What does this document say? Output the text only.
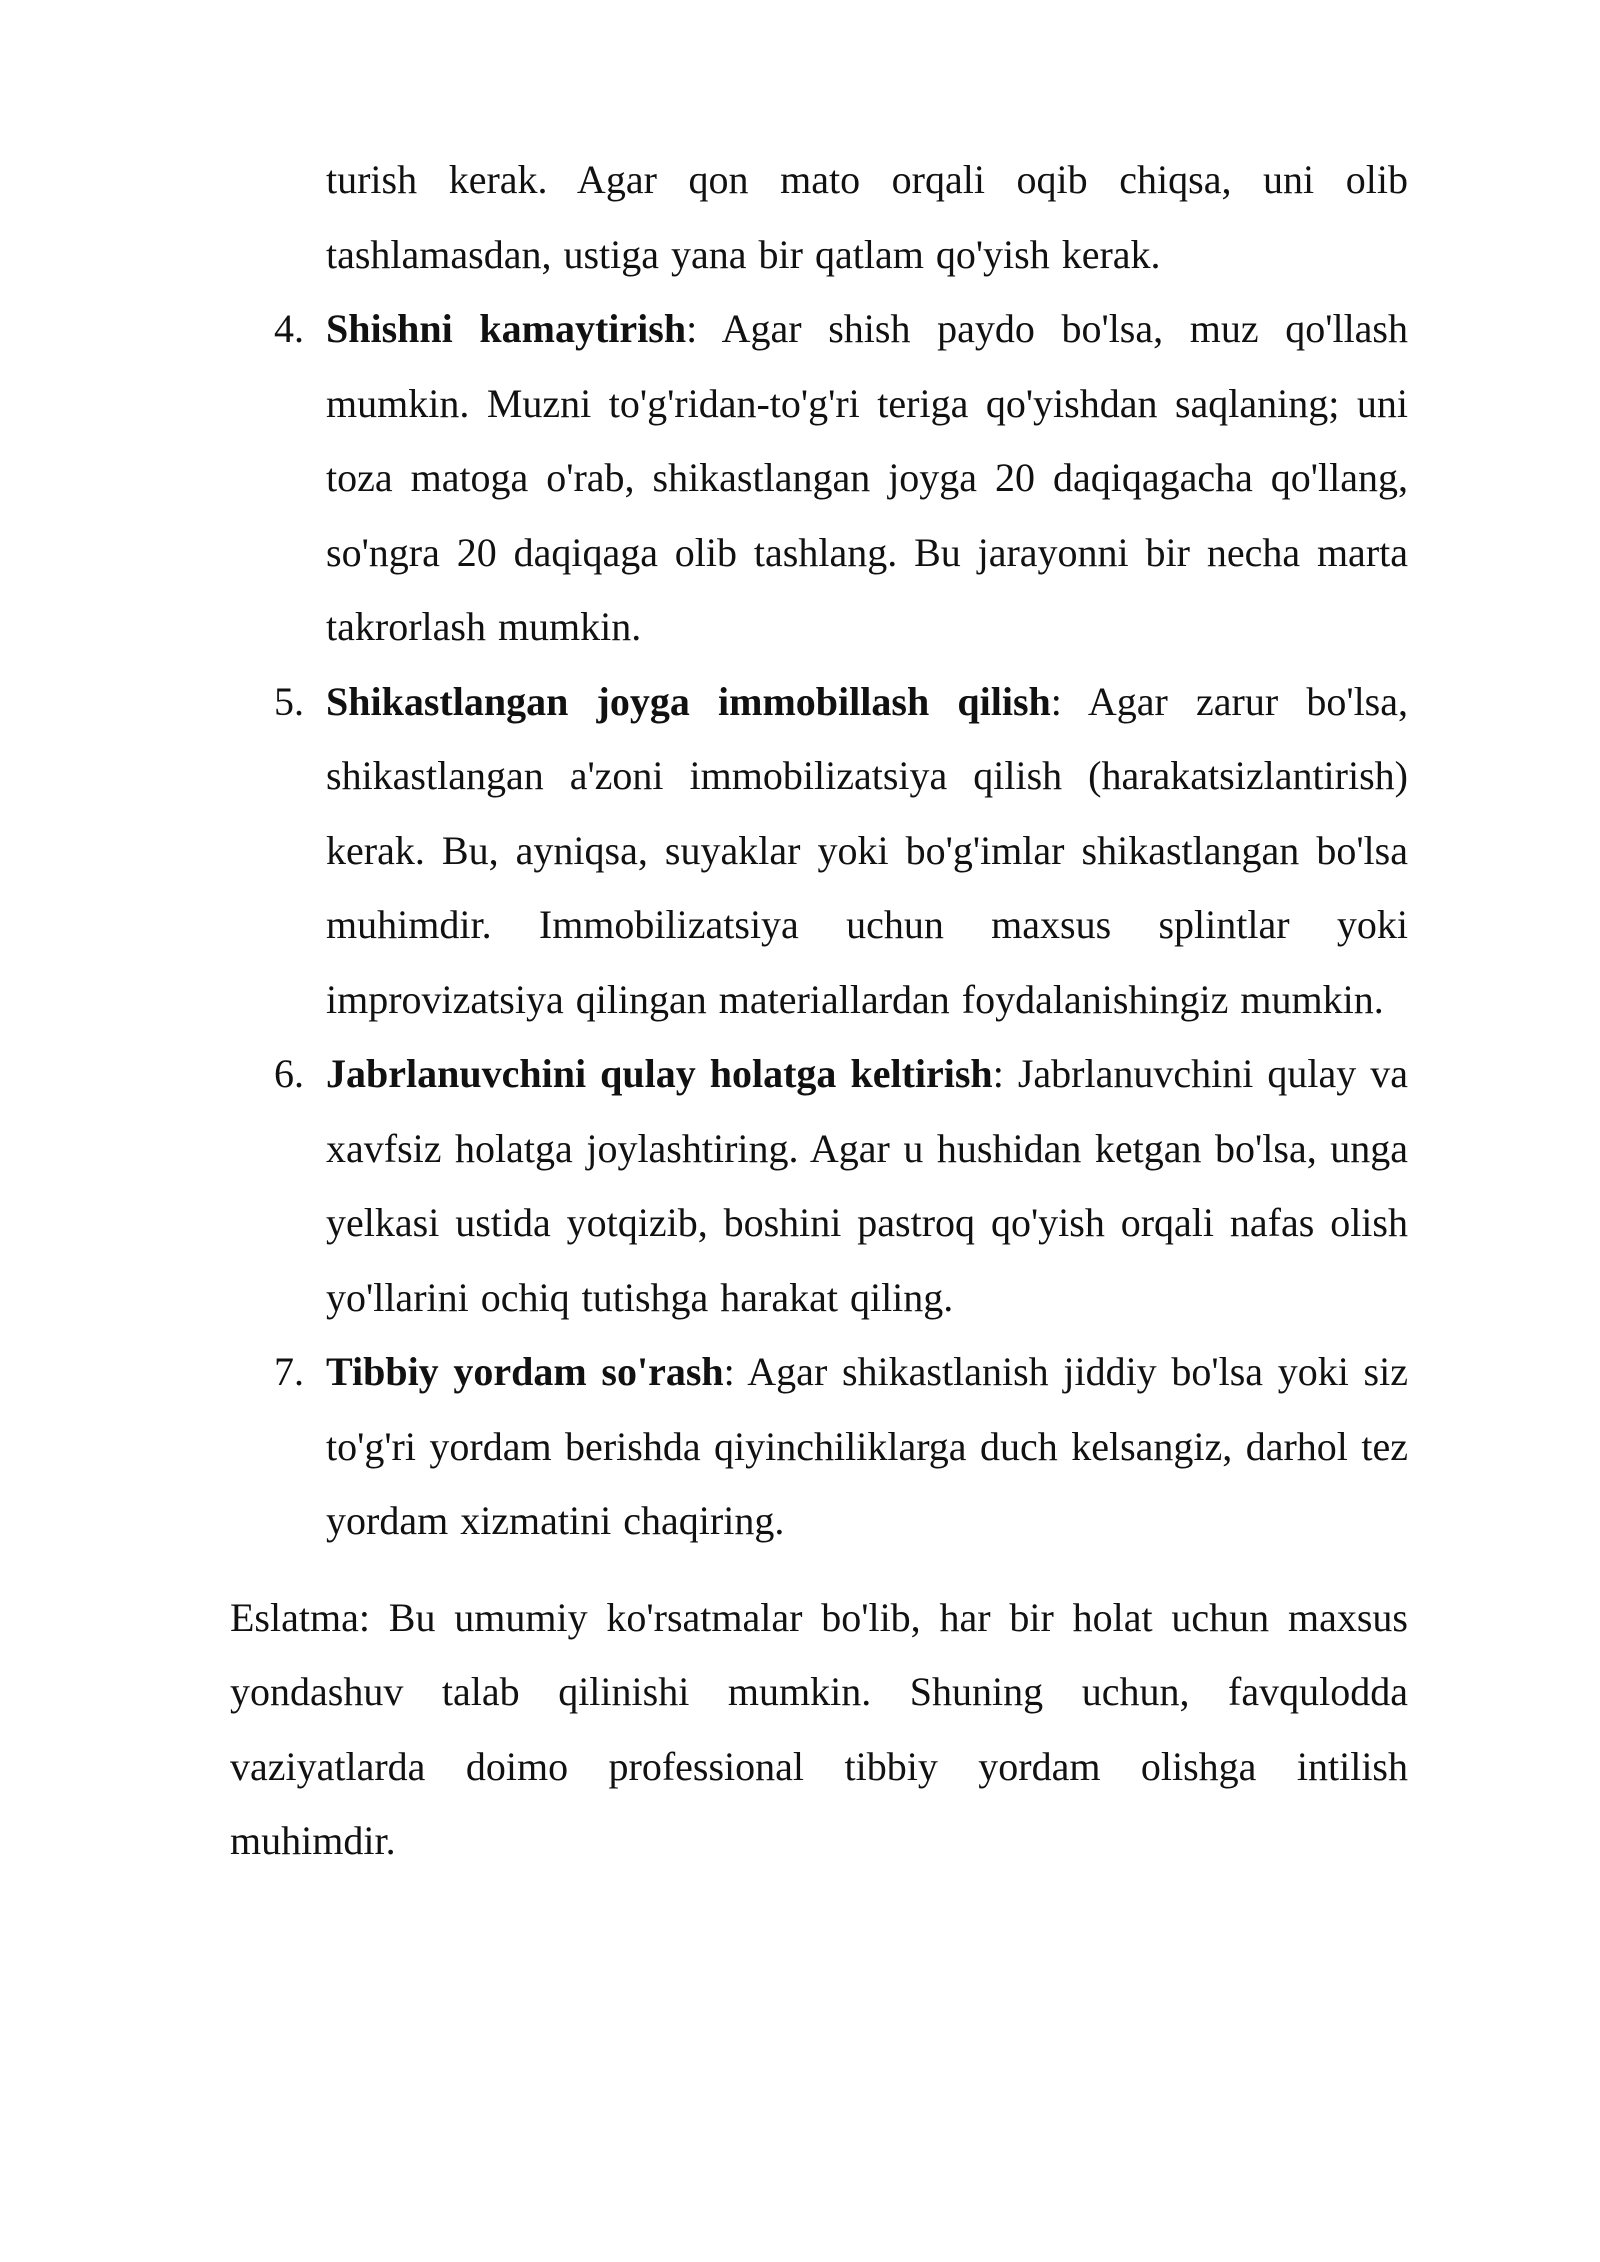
turish kerak. Agar qon mato orqali oqib chiqsa, uni olib tashlamasdan, ustiga yana bir qatlam qo'yish kerak.

4. Shishni kamaytirish: Agar shish paydo bo'lsa, muz qo'llash mumkin. Muzni to'g'ridan-to'g'ri teriga qo'yishdan saqlaning; uni toza matoga o'rab, shikastlangan joyga 20 daqiqagacha qo'llang, so'ngra 20 daqiqaga olib tashlang. Bu jarayonni bir necha marta takrorlash mumkin.
5. Shikastlangan joyga immobillash qilish: Agar zarur bo'lsa, shikastlangan a'zoni immobilizatsiya qilish (harakatsizlantirish) kerak. Bu, ayniqsa, suyaklar yoki bo'g'imlar shikastlangan bo'lsa muhimdir. Immobilizatsiya uchun maxsus splintlar yoki improvizatsiya qilingan materiallardan foydalanishingiz mumkin.
6. Jabrlanuvchini qulay holatga keltirish: Jabrlanuvchini qulay va xavfsiz holatga joylashtiring. Agar u hushidan ketgan bo'lsa, unga yelkasi ustida yotqizib, boshini pastroq qo'yish orqali nafas olish yo'llarini ochiq tutishga harakat qiling.
7. Tibbiy yordam so'rash: Agar shikastlanish jiddiy bo'lsa yoki siz to'g'ri yordam berishda qiyinchiliklarga duch kelsangiz, darhol tez yordam xizmatini chaqiring.

Eslatma: Bu umumiy ko'rsatmalar bo'lib, har bir holat uchun maxsus yondashuv talab qilinishi mumkin. Shuning uchun, favqulodda vaziyatlarda doimo professional tibbiy yordam olishga intilish muhimdir.
